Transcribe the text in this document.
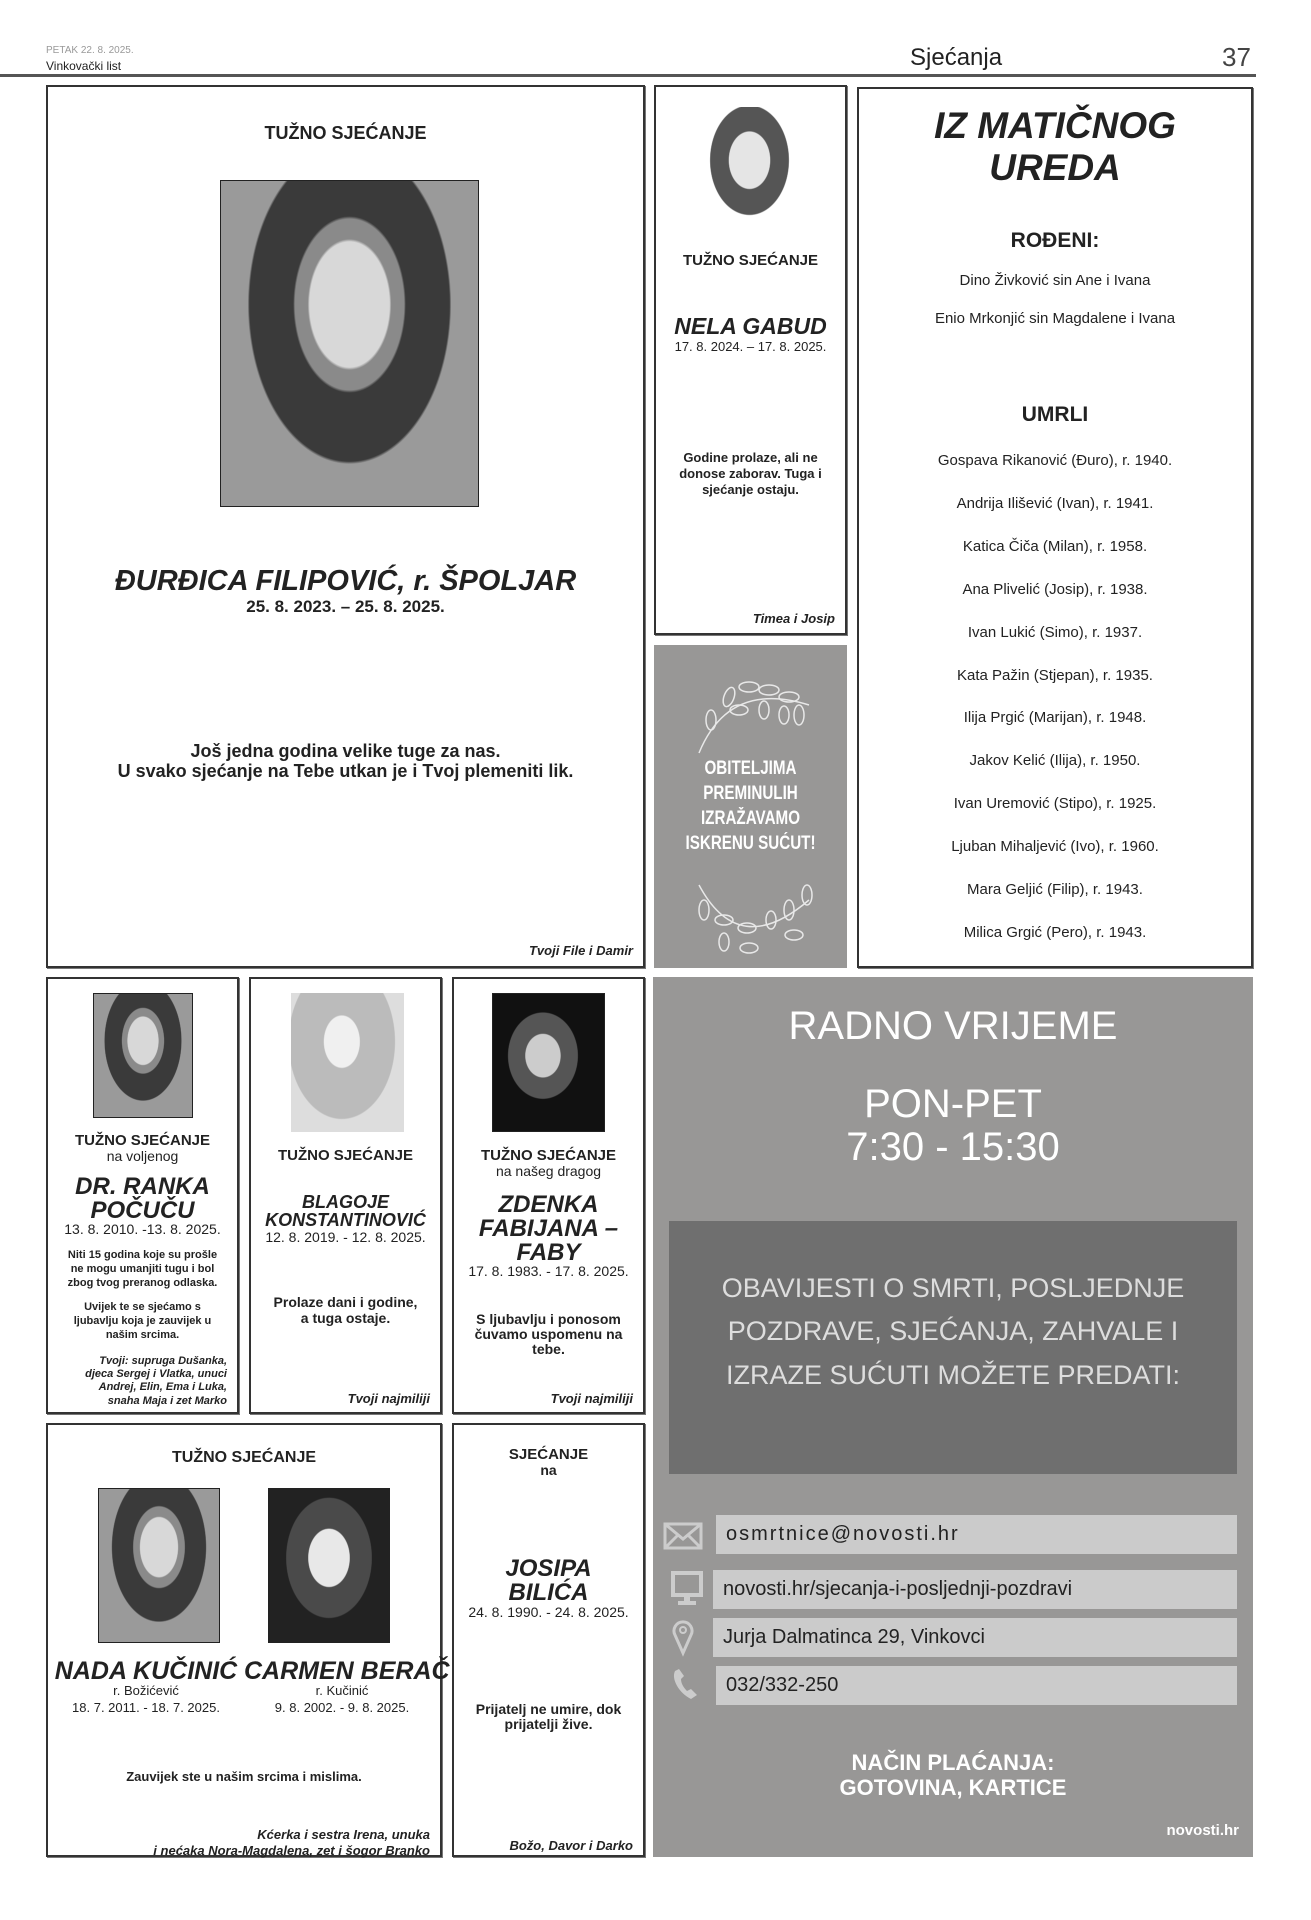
PETAK 22. 8. 2025.
Vinkovački list	Sjećanja	37
TUŽNO SJEĆANJE
ĐURĐICA FILIPOVIĆ, r. ŠPOLJAR
25. 8. 2023. – 25. 8. 2025.
Još jedna godina velike tuge za nas.
U svako sjećanje na Tebe utkan je i Tvoj plemeniti lik.
Tvoji File i Damir
TUŽNO SJEĆANJE
NELA GABUD
17. 8. 2024. – 17. 8. 2025.
Godine prolaze, ali ne
donose zaborav. Tuga i
sjećanje ostaju.
Timea i Josip
OBITELJIMA
PREMINULIH
IZRAŽAVAMO
ISKRENU SUĆUT!
IZ MATIČNOG
UREDA
ROĐENI:
Dino Živković sin Ane i Ivana
Enio Mrkonjić sin Magdalene i Ivana
UMRLI
Gospava Rikanović (Đuro), r. 1940.
Andrija Ilišević (Ivan), r. 1941.
Katica Čiča (Milan), r. 1958.
Ana Plivelić (Josip), r. 1938.
Ivan Lukić (Simo), r. 1937.
Kata Pažin (Stjepan), r. 1935.
Ilija Prgić (Marijan), r. 1948.
Jakov Kelić (Ilija), r. 1950.
Ivan Uremović (Stipo), r. 1925.
Ljuban Mihaljević (Ivo), r. 1960.
Mara Geljić (Filip), r. 1943.
Milica Grgić (Pero), r. 1943.
TUŽNO SJEĆANJE
na voljenog
DR. RANKA
POČUČU
13. 8. 2010. -13. 8. 2025.
Niti 15 godina koje su prošle
ne mogu umanjiti tugu i bol
zbog tvog preranog odlaska.
Uvijek te se sjećamo s
ljubavlju koja je zauvijek u
našim srcima.
Tvoji: supruga Dušanka,
djeca Sergej i Vlatka, unuci
Andrej, Elin, Ema i Luka,
snaha Maja i zet Marko
TUŽNO SJEĆANJE
BLAGOJE
KONSTANTINOVIĆ
12. 8. 2019. - 12. 8. 2025.
Prolaze dani i godine,
a tuga ostaje.
Tvoji najmiliji
TUŽNO SJEĆANJE
na našeg dragog
ZDENKA
FABIJANA –
FABY
17. 8. 1983. - 17. 8. 2025.
S ljubavlju i ponosom
čuvamo uspomenu na
tebe.
Tvoji najmiliji
TUŽNO SJEĆANJE
NADA KUČINIĆ
r. Božićević
18. 7. 2011. - 18. 7. 2025.
CARMEN BERAČ
r. Kučinić
9. 8. 2002. - 9. 8. 2025.
Zauvijek ste u našim srcima i mislima.
Kćerka i sestra Irena, unuka
i nećaka Nora-Magdalena, zet i šogor Branko
SJEĆANJE
na
JOSIPA
BILIĆA
24. 8. 1990. - 24. 8. 2025.
Prijatelj ne umire, dok
prijatelji žive.
Božo, Davor i Darko
RADNO VRIJEME
PON-PET
7:30 - 15:30
OBAVIJESTI O SMRTI, POSLJEDNJE
POZDRAVE, SJEĆANJA, ZAHVALE I
IZRAZE SUĆUTI MOŽETE PREDATI:
osmrtnice@novosti.hr
novosti.hr/sjecanja-i-posljednji-pozdravi
Jurja Dalmatinca 29, Vinkovci
032/332-250
NAČIN PLAĆANJA:
GOTOVINA, KARTICE
novosti.hr
